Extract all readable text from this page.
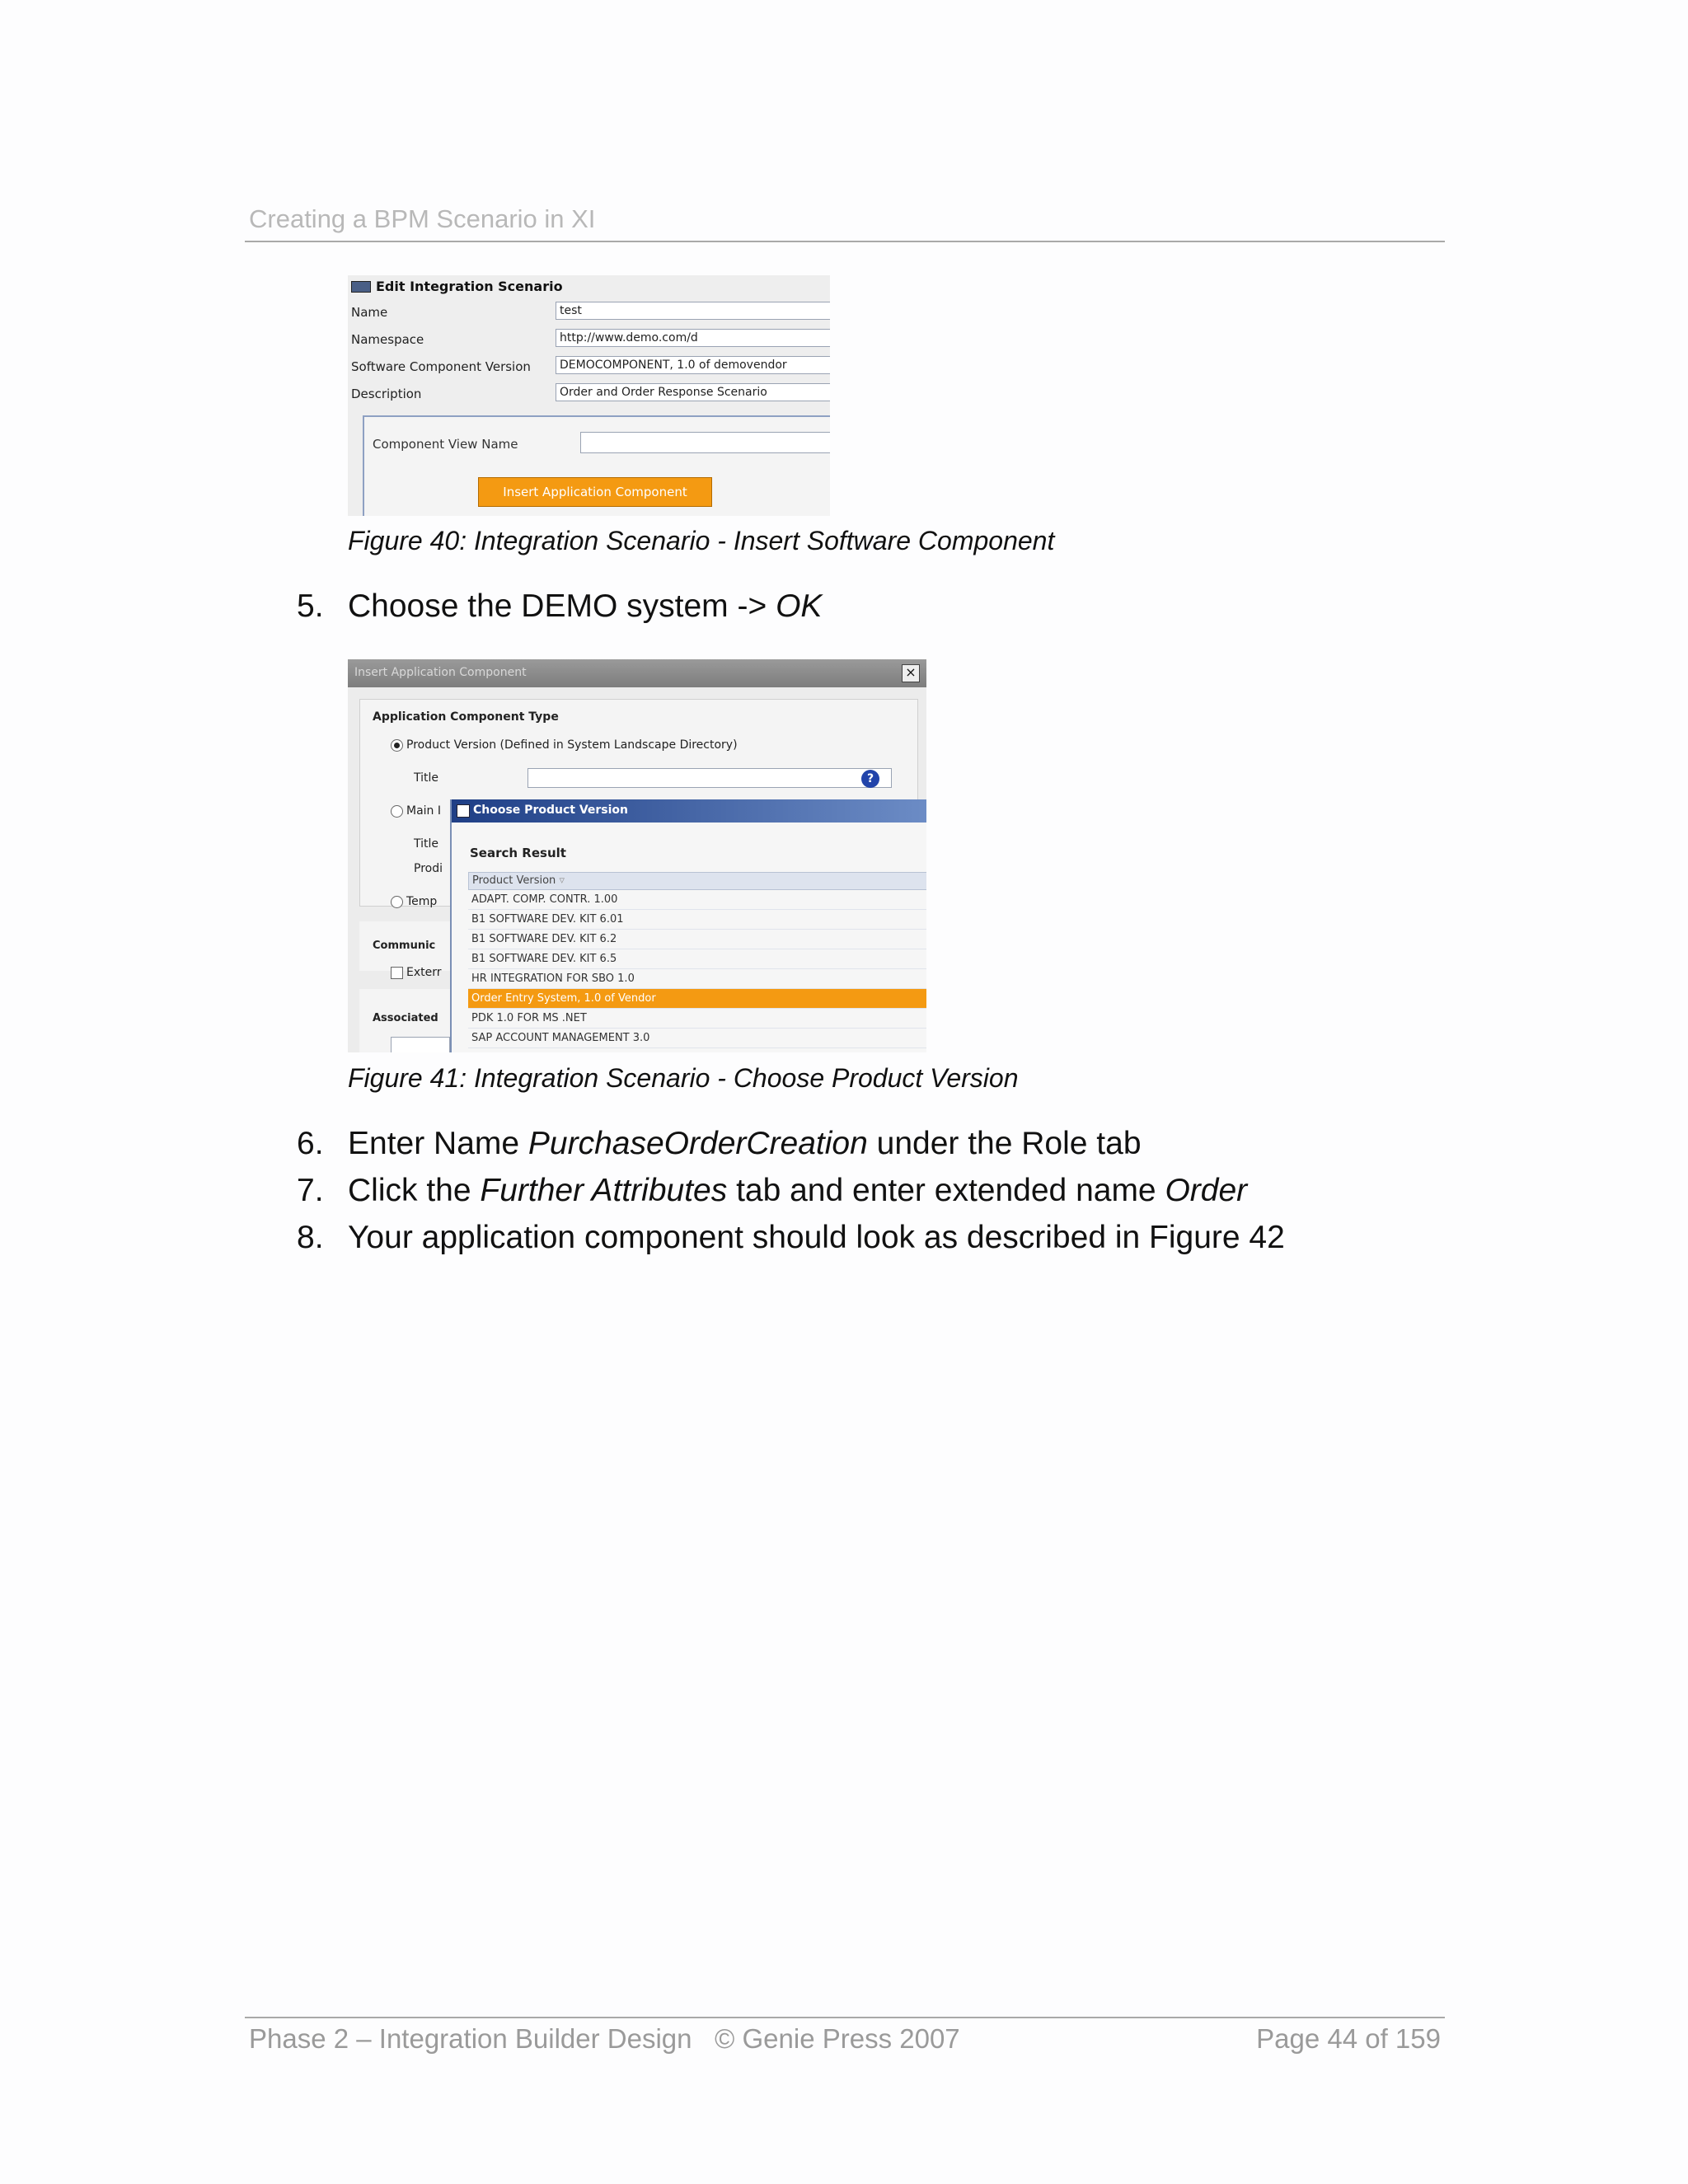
Creating a BPM Scenario in XI
Edit Integration Scenario
Name	test
Namespace	http://www.demo.com/d
Software Component Version	DEMOCOMPONENT, 1.0 of demovendor
Description	Order and Order Response Scenario
Component View Name
Insert Application Component
Figure 40: Integration Scenario - Insert Software Component
5. Choose the DEMO system -> OK
Insert Application Component	×
Application Component Type
Product Version (Defined in System Landscape Directory)
Title	?
Main I
Title
Prodi
Temp
Communic
Exterr
Associated
Choose Product Version
Search Result
Product Version ▿
ADAPT. COMP. CONTR. 1.00
B1 SOFTWARE DEV. KIT 6.01
B1 SOFTWARE DEV. KIT 6.2
B1 SOFTWARE DEV. KIT 6.5
HR INTEGRATION FOR SBO 1.0
Order Entry System, 1.0 of Vendor
PDK 1.0 FOR MS .NET
SAP ACCOUNT MANAGEMENT 3.0
Figure 41: Integration Scenario - Choose Product Version
6. Enter Name PurchaseOrderCreation under the Role tab
7. Click the Further Attributes tab and enter extended name Order
8. Your application component should look as described in Figure 42
Phase 2 – Integration Builder Design   © Genie Press 2007	Page 44 of 159
